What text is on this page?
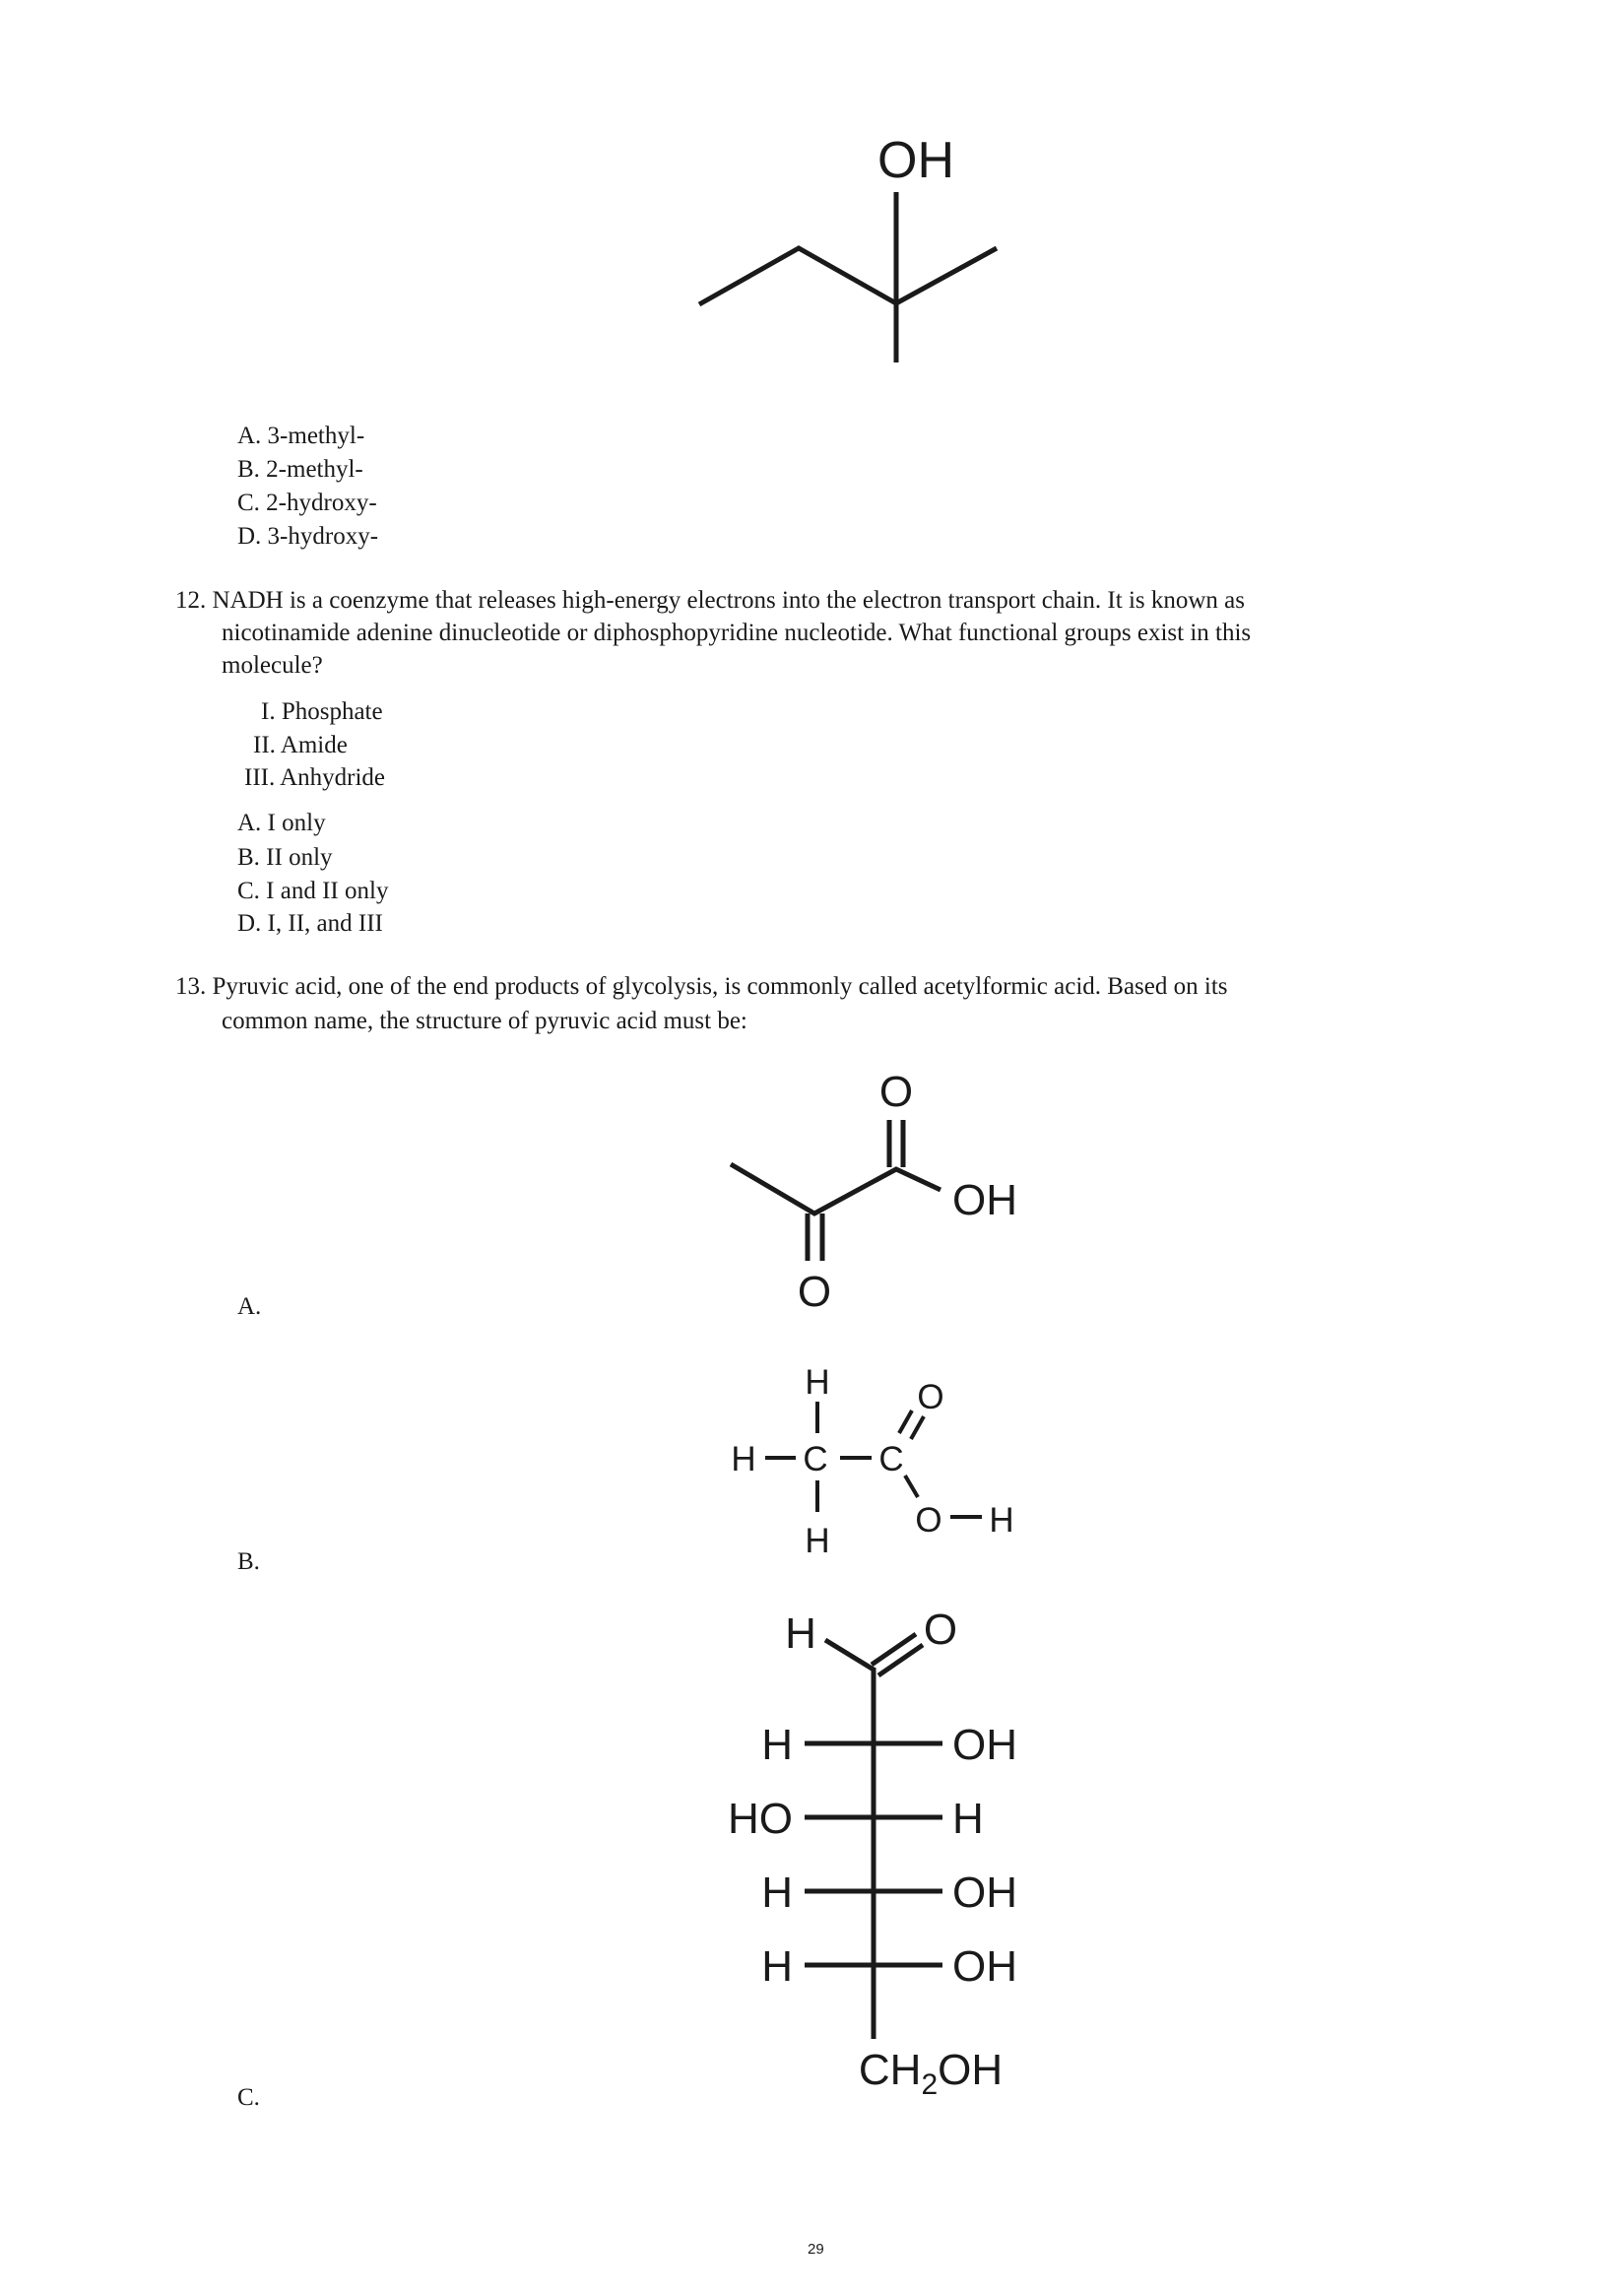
OH
O
OH
O
H
H C C
H
O
O H
H O
H	OH
HO	H
H	OH
H	OH
$CH_2OH$
A. 3-methyl-
B. 2-methyl-
C. 2-hydroxy-
D. 3-hydroxy-
12. NADH is a coenzyme that releases high-energy electrons into the electron transport chain. It is known as
nicotinamide adenine dinucleotide or diphosphopyridine nucleotide. What functional groups exist in this
molecule?
I. Phosphate
II. Amide
III. Anhydride
A. I only
B. II only
C. I and II only
D. I, II, and III
13. Pyruvic acid, one of the end products of glycolysis, is commonly called acetylformic acid. Based on its
common name, the structure of pyruvic acid must be:
A.
B.
C.
29
